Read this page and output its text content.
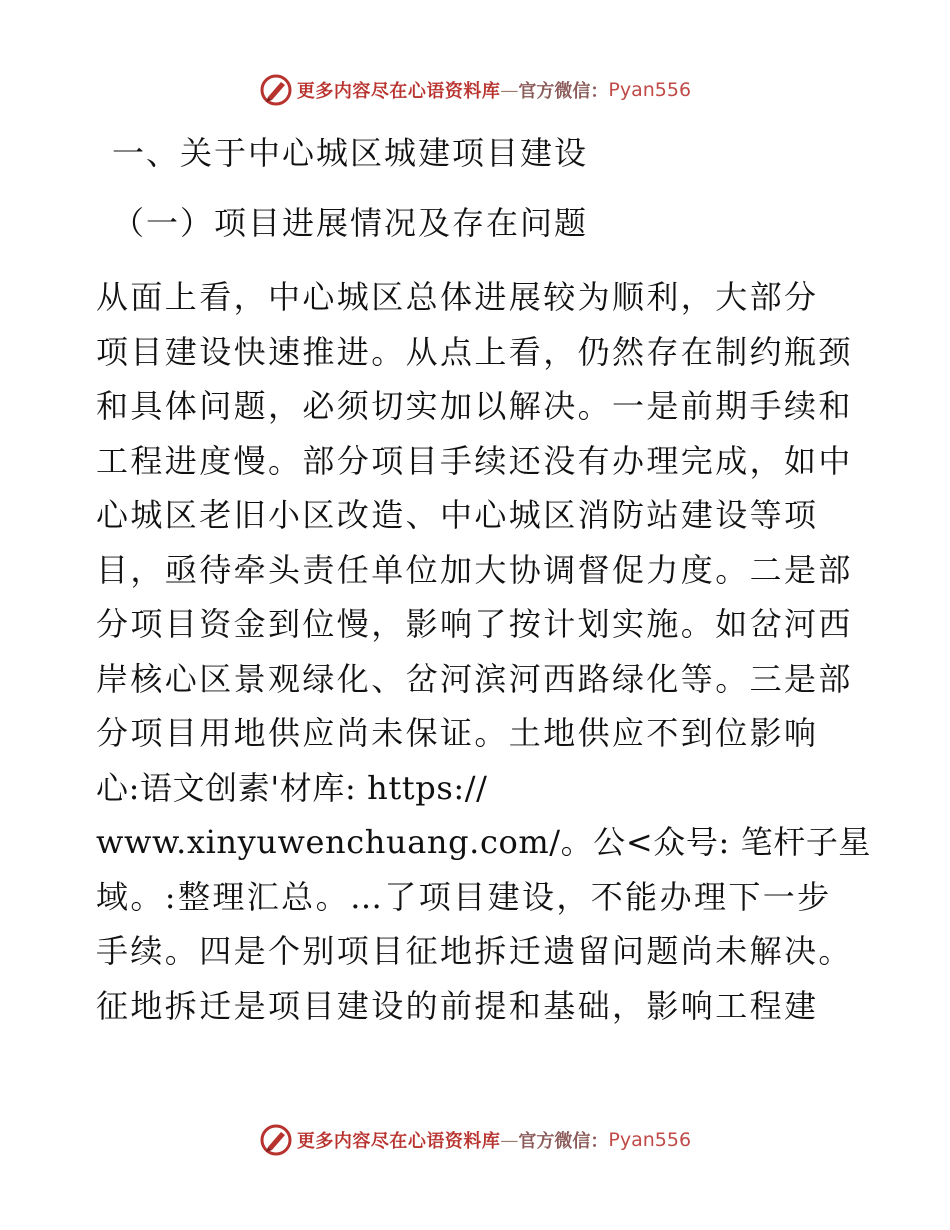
更多内容尽在心语资料库 — 官方微信： Pyan556
一、关于中心城区城建项目建设
（一）项目进展情况及存在问题
从面上看，中心城区总体进展较为顺利，大部分
项目建设快速推进。从点上看，仍然存在制约瓶颈
和具体问题，必须切实加以解决。一是前期手续和
工程进度慢。部分项目手续还没有办理完成，如中
心城区老旧小区改造、中心城区消防站建设等项
目，亟待牵头责任单位加大协调督促力度。二是部
分项目资金到位慢，影响了按计划实施。如岔河西
岸核心区景观绿化、岔河滨河西路绿化等。三是部
分项目用地供应尚未保证。土地供应不到位影响
心:语文创素'材库: https://
www.xinyuwenchuang.com/。公<众号: 笔杆子星
域。:整理汇总。…了项目建设，不能办理下一步
手续。四是个别项目征地拆迁遗留问题尚未解决。
征地拆迁是项目建设的前提和基础，影响工程建
更多内容尽在心语资料库 — 官方微信： Pyan556
